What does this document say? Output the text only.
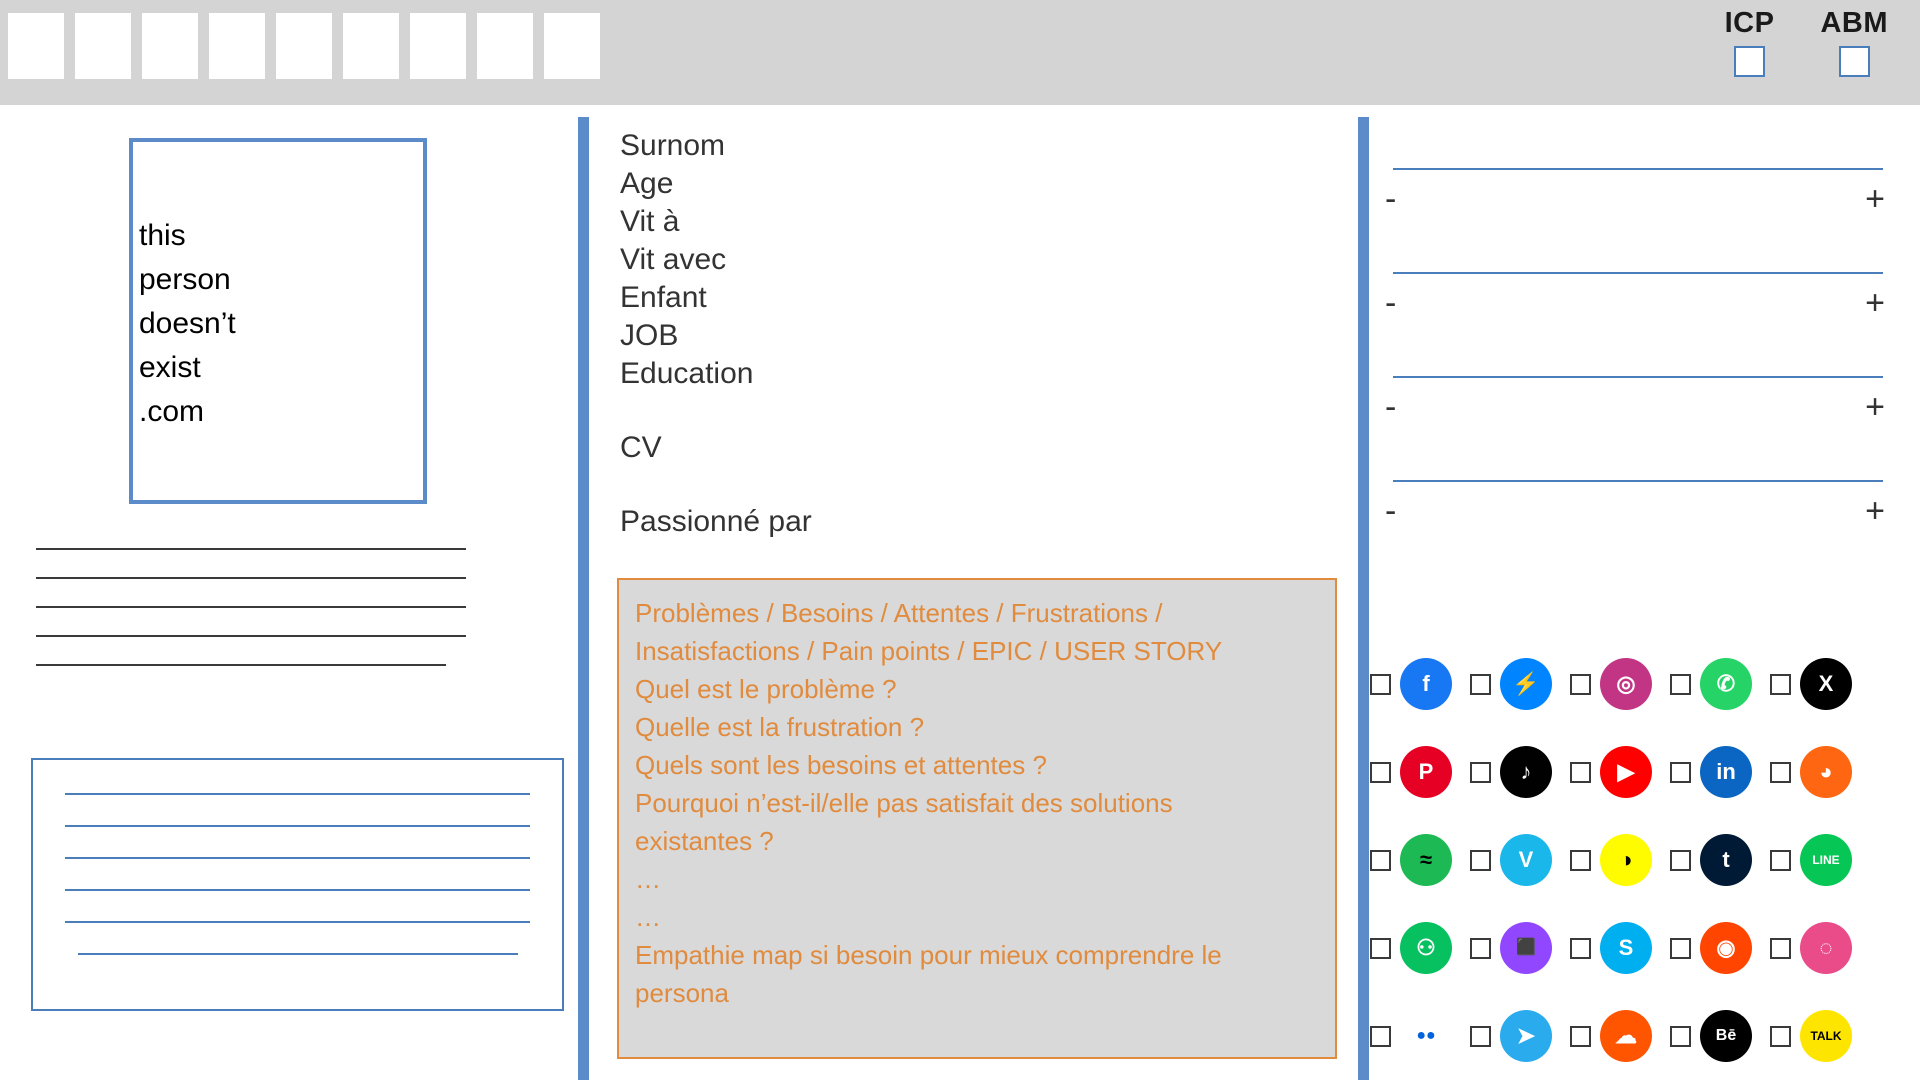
ICP ABM
this
person
doesn’t
exist
.com
Surnom
Age
Vit à
Vit avec
Enfant
JOB
Education
CV
Passionné par
Problèmes / Besoins / Attentes / Frustrations /
Insatisfactions / Pain points / EPIC / USER STORY
Quel est le problème ?
Quelle est la frustration ?
Quels sont les besoins et attentes ?
Pourquoi n’est-il/elle pas satisfait des solutions
existantes ?
…
…
Empathie map si besoin pour mieux comprendre le
persona
-	+
-	+
-	+
-	+
f	⚡	◎	✆	X
P	♪	▶	in	◕
≈	V	◑	t	LINE
⚇	⬛	S	◉	◌
●●	➤	☁	Bē	TALK
